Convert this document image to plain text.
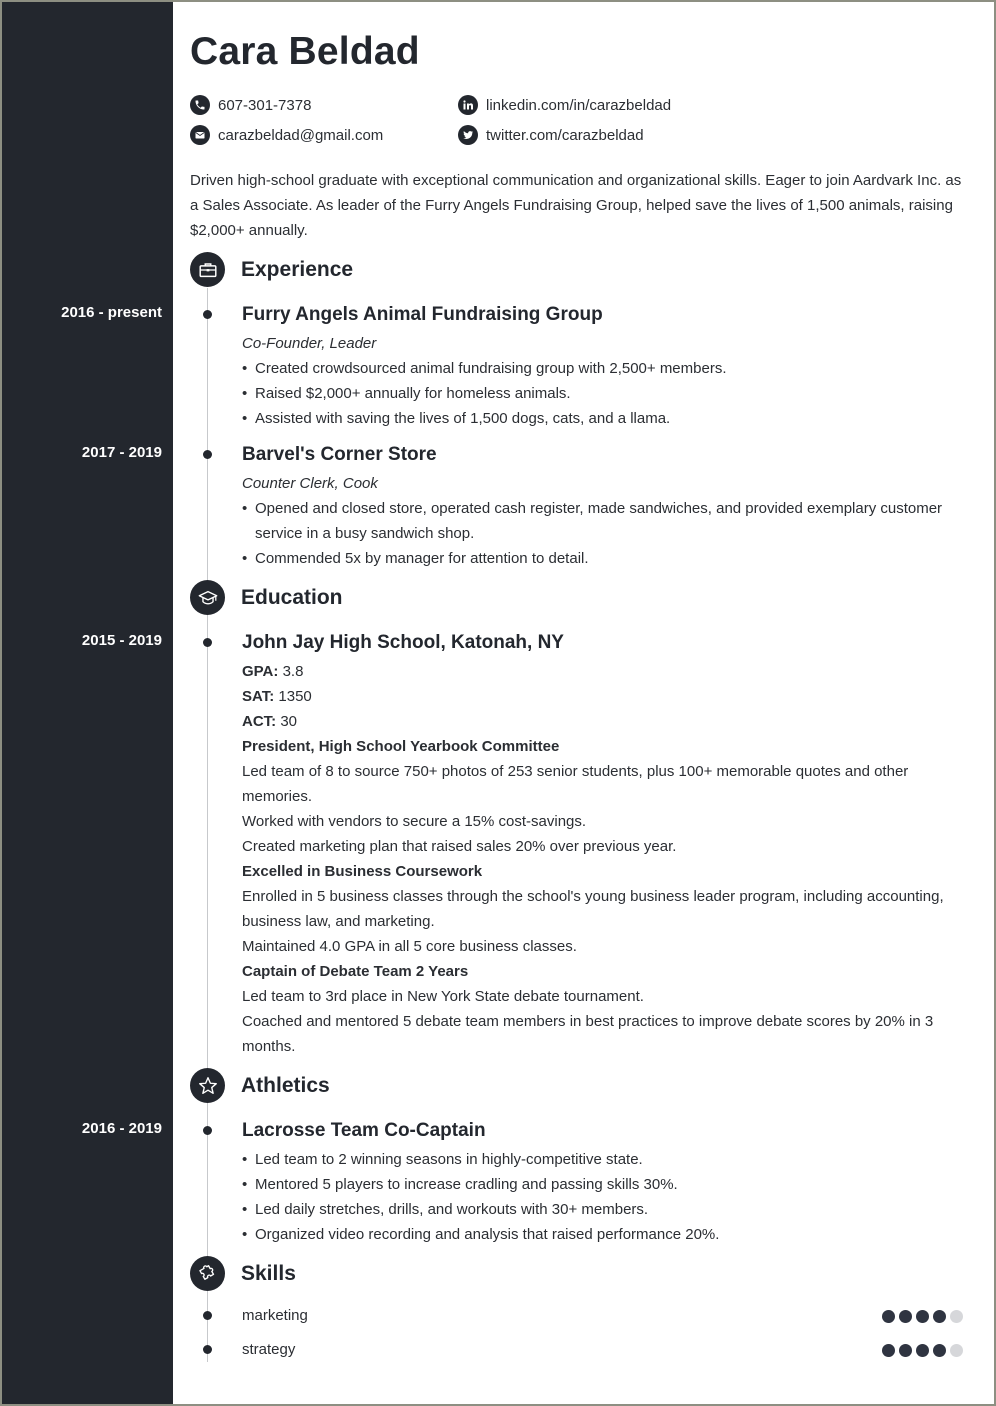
Cara Beldad
607-301-7378	linkedin.com/in/carazbeldad
carazbeldad@gmail.com	twitter.com/carazbeldad

Driven high-school graduate with exceptional communication and organizational skills. Eager to join Aardvark Inc. as a Sales Associate. As leader of the Furry Angels Fundraising Group, helped save the lives of 1,500 animals, raising $2,000+ annually.

Experience
2016 - present	Furry Angels Animal Fundraising Group
Co-Founder, Leader
• Created crowdsourced animal fundraising group with 2,500+ members.
• Raised $2,000+ annually for homeless animals.
• Assisted with saving the lives of 1,500 dogs, cats, and a llama.
2017 - 2019	Barvel's Corner Store
Counter Clerk, Cook
• Opened and closed store, operated cash register, made sandwiches, and provided exemplary customer service in a busy sandwich shop.
• Commended 5x by manager for attention to detail.
Education
2015 - 2019	John Jay High School, Katonah, NY
GPA: 3.8
SAT: 1350
ACT: 30
President, High School Yearbook Committee
Led team of 8 to source 750+ photos of 253 senior students, plus 100+ memorable quotes and other memories.
Worked with vendors to secure a 15% cost-savings.
Created marketing plan that raised sales 20% over previous year.
Excelled in Business Coursework
Enrolled in 5 business classes through the school's young business leader program, including accounting, business law, and marketing.
Maintained 4.0 GPA in all 5 core business classes.
Captain of Debate Team 2 Years
Led team to 3rd place in New York State debate tournament.
Coached and mentored 5 debate team members in best practices to improve debate scores by 20% in 3 months.
Athletics
2016 - 2019	Lacrosse Team Co-Captain
• Led team to 2 winning seasons in highly-competitive state.
• Mentored 5 players to increase cradling and passing skills 30%.
• Led daily stretches, drills, and workouts with 30+ members.
• Organized video recording and analysis that raised performance 20%.
Skills
marketing
strategy
